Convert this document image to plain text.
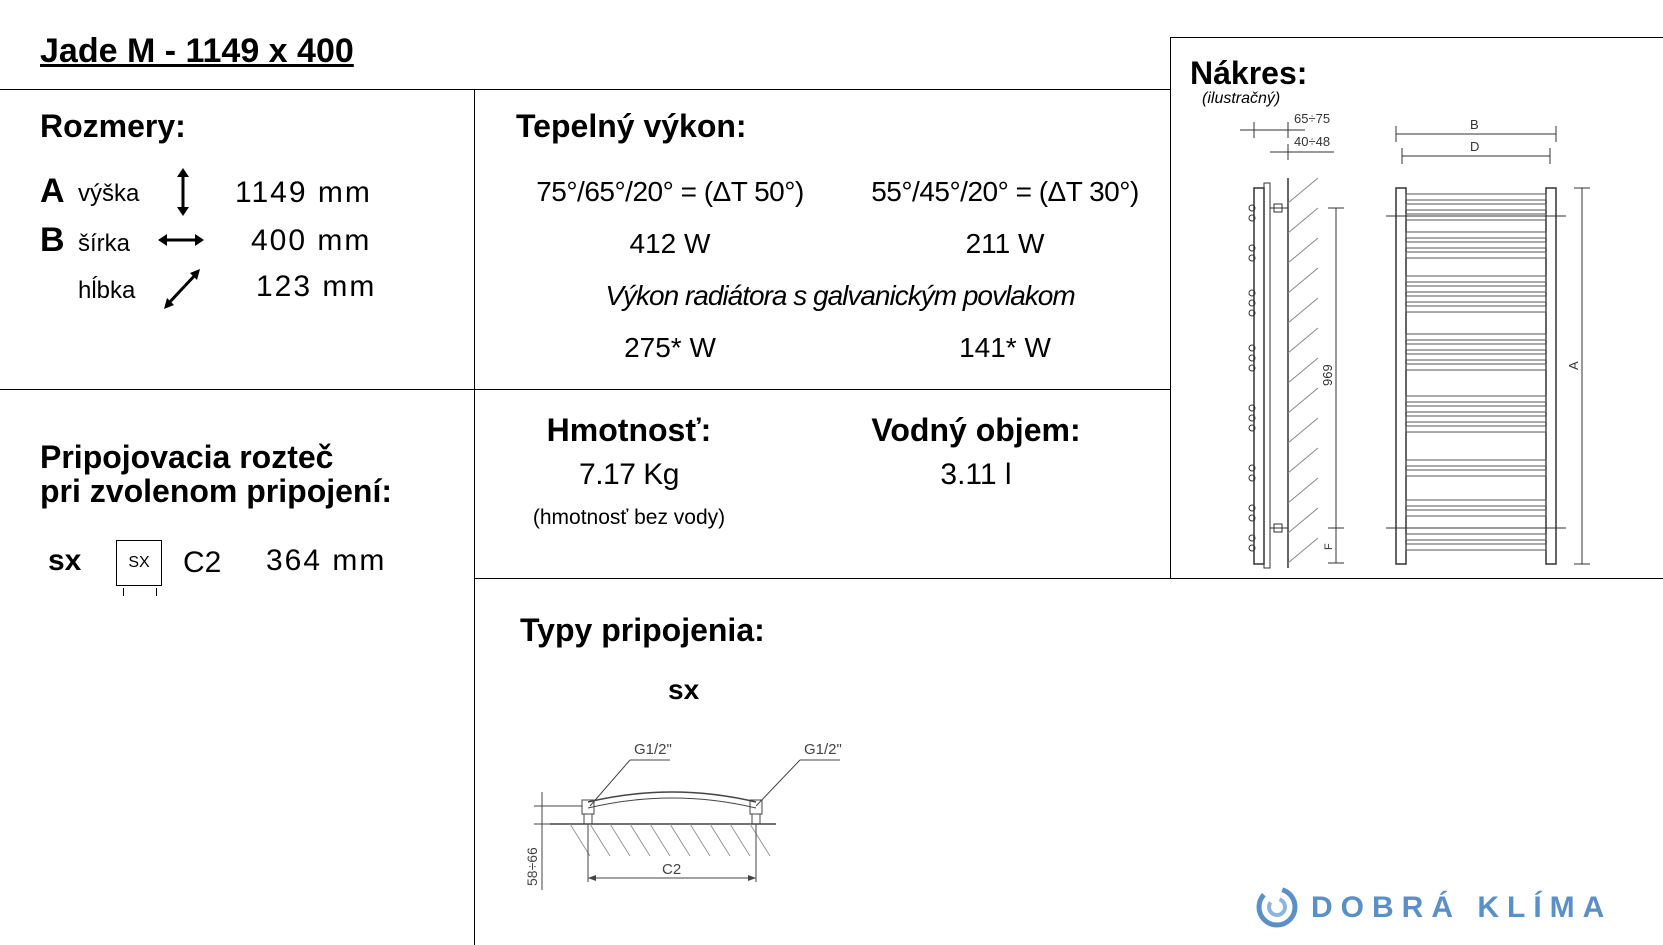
Jade M - 1149 x 400
Rozmery:
A výška	1149 mm
B šírka	400 mm
hĺbka	123 mm
Tepelný výkon:
75°/65°/20° = (ΔT 50°)	55°/45°/20° = (ΔT 30°)
412 W	211 W
Výkon radiátora s galvanickým povlakom
275* W	141* W
Nákres:
(ilustračný)
65÷75
40÷48
969
F
B
D
A
Pripojovacia rozteč
pri zvolenom pripojení:
sx	SX	C2 364 mm
Hmotnosť:
7.17 Kg
(hmotnosť bez vody)
Vodný objem:
3.11 l
Typy pripojenia:
sx
G1/2"	G1/2"
C2
58÷66
DOBRÁ KLÍMA
